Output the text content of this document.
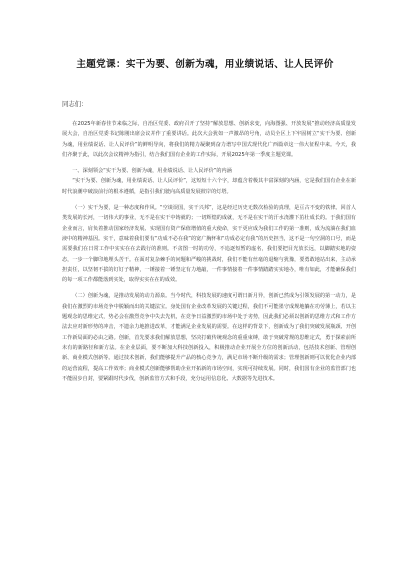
主题党课：实干为要、创新为魂，用业绩说话、让人民评价
同志们：

在2025年新春佳节来临之际，自治区党委、政府召开了坚持“解放思想、创新求变，向海图强、开放发展”推动经济高质量发展大会，自治区党委书记陈刚出席会议并作了重要讲话。此次大会犹如一声激昂的号角，动员全区上下牢固树立“实干为要、创新为魂，用业绩说话、让人民评价”的鲜明导向，将我们的精力凝聚到奋力谱写中国式现代化广西篇章这一伟大征程中来。今天，我们齐聚于此，以此次会议精神为指引，结合我们国有企业的工作实际，开展2025年第一季度主题党课。

一、深刻领会“实干为要、创新为魂，用业绩说话、让人民评价”的内涵

“实干为要、创新为魂，用业绩说话、让人民评价”，这短短十六个字，却蕴含着极其丰富深刻的内涵，它是我们国有企业在新时代浪潮中破浪前行的根本遵循，是指引我们驶向高质量发展彼岸的灯塔。

（一）实干为要，是一种态度和作风。“空谈误国，实干兴邦”，这是经过历史无数次检验的真理，是亘古不变的铁律。回首人类发展的长河，一切伟大的事业，无不是在实干中铸就的；一切辉煌的成就，无不是在实干的汗水浇灌下茁壮成长的。于我们国有企业而言，肩负着推动国家经济发展、实现国有资产保值增值的重大使命，实干更应成为我们工作的第一准则，成为流淌在我们血液中的精神基因。实干，意味着我们要有“功成不必在我”的宽广胸怀和“功成必定有我”的历史担当，这不是一句空洞的口号，而是需要我们在日常工作中实实在在去践行的准则。不贪图一时的功劳，不追逐短暂的虚名，我们要把目光放长远，以脚踏实地的姿态，一步一个脚印地埋头苦干。在面对复杂棘手的问题和严峻的挑战时，我们不能有丝毫的退缩与犹豫，要勇敢地站出来，主动承担责任，以坚韧不拔的钉钉子精神，一锤接着一锤坚定有力地敲，一件事情接着一件事情踏踏实实地办，唯有如此，才能确保我们的每一项工作都能落到实处，取得实实在在的成效。

（二）创新为魂，是推动发展的动力源泉。当今时代，科技发展的速度可谓日新月异，创新已然成为引领发展的第一动力，是我们在激烈的市场竞争中脱颖而出的关键法宝。身处国有企业改革发展的关键过程，我们不可能墨守成规地躺在功劳簿上，若以主题观念的思维定式，势必会在激烈竞争中失去先机，在竞争日益激烈的市场中处于劣势，因此我们必须以创新的思维方式和工作方法去应对新形势的冲击，不遗余力地推进改革，才能满足企业发展的需要。在这样的背景下，创新成为了我们突破发展瓶颈、开创工作新局面的必由之路。创新，首先要求我们解放思想，坚决打破传统观念的重重束缚，敢于突破常规的思维定式，勇于探索前所未有的新路径和新方法。在企业层面，要不断加大科技创新投入，积极推动企业开展全方位的创新活动，包括技术创新、管理创新、商业模式创新等。通过技术创新，我们能够提升产品的核心竞争力，满足市场不断升级的需求；管理创新则可以优化企业内部的运营流程，提高工作效率；商业模式创新能够帮助企业开拓新的市场空间，实现可持续发展。同时，我们国有企业的监管部门也不能固步自封，要紧跟时代步伐，创新监管方式和手段，充分运用信息化、大数据等先进技术。
